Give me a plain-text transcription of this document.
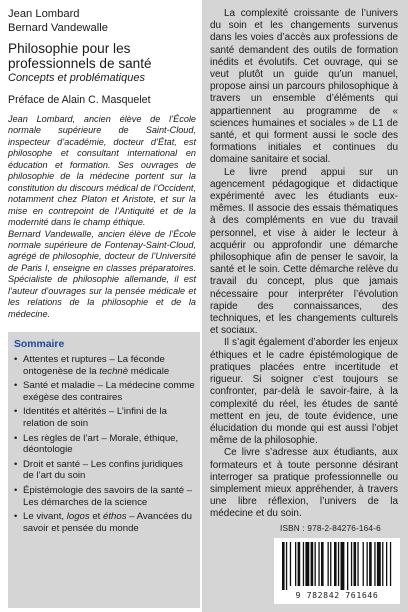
Jean Lombard
Bernard Vandewalle
Philosophie pour les
professionnels de santé
Concepts et problématiques
Préface de Alain C. Masquelet

Jean Lombard, ancien élève de l’École normale supérieure de Saint-Cloud, inspecteur d’académie, docteur d’État, est philosophe et consultant international en éducation et formation. Ses ouvrages de philosophie de la médecine portent sur la constitution du discours médical de l’Occident, notamment chez Platon et Aristote, et sur la mise en contrepoint de l’Antiquité et de la modernité dans le champ éthique.

Bernard Vandewalle, ancien élève de l’École normale supérieure de Fontenay-Saint-Cloud, agrégé de philosophie, docteur de l’Université de Paris I, enseigne en classes préparatoires. Spécialiste de philosophie allemande, il est l’auteur d’ouvrages sur la pensée médicale et les relations de la philosophie et de la médecine.

Sommaire
• Attentes et ruptures – La féconde ontogenèse de la technè médicale
• Santé et maladie – La médecine comme exégèse des contraires
• Identités et altérités – L’infini de la relation de soin
• Les règles de l’art – Morale, éthique, déontologie
• Droit et santé – Les confins juridiques de l’art du soin
• Épistémologie des savoirs de la santé – Les démarches de la science
• Le vivant, logos et éthos – Avancées du savoir et pensée du monde

La complexité croissante de l’univers du soin et les changements survenus dans les voies d’accès aux professions de santé demandent des outils de formation inédits et évolutifs. Cet ouvrage, qui se veut plutôt un guide qu’un manuel, propose ainsi un parcours philosophique à travers un ensemble d’éléments qui appartiennent au programme de « sciences humaines et sociales » de L1 de santé, et qui forment aussi le socle des formations initiales et continues du domaine sanitaire et social.

Le livre prend appui sur un agencement pédagogique et didactique expérimenté avec les étudiants eux-mêmes. Il associe des essais thématiques à des compléments en vue du travail personnel, et vise à aider le lecteur à acquérir ou approfondir une démarche philosophique afin de penser le savoir, la santé et le soin. Cette démarche relève du travail du concept, plus que jamais nécessaire pour interpréter l’évolution rapide des connaissances, des techniques, et les changements culturels et sociaux.

Il s’agit également d’aborder les enjeux éthiques et le cadre épistémologique de pratiques placées entre incertitude et rigueur. Si soigner c’est toujours se confronter, par-delà le savoir-faire, à la complexité du réel, les études de santé mettent en jeu, de toute évidence, une élucidation du monde qui est aussi l’objet même de la philosophie.

Ce livre s’adresse aux étudiants, aux formateurs et à toute personne désirant interroger sa pratique professionnelle ou simplement mieux appréhender, à travers une libre réflexion, l’univers de la médecine et du soin.

ISBN : 978-2-84276-164-6
9 782842 761646
